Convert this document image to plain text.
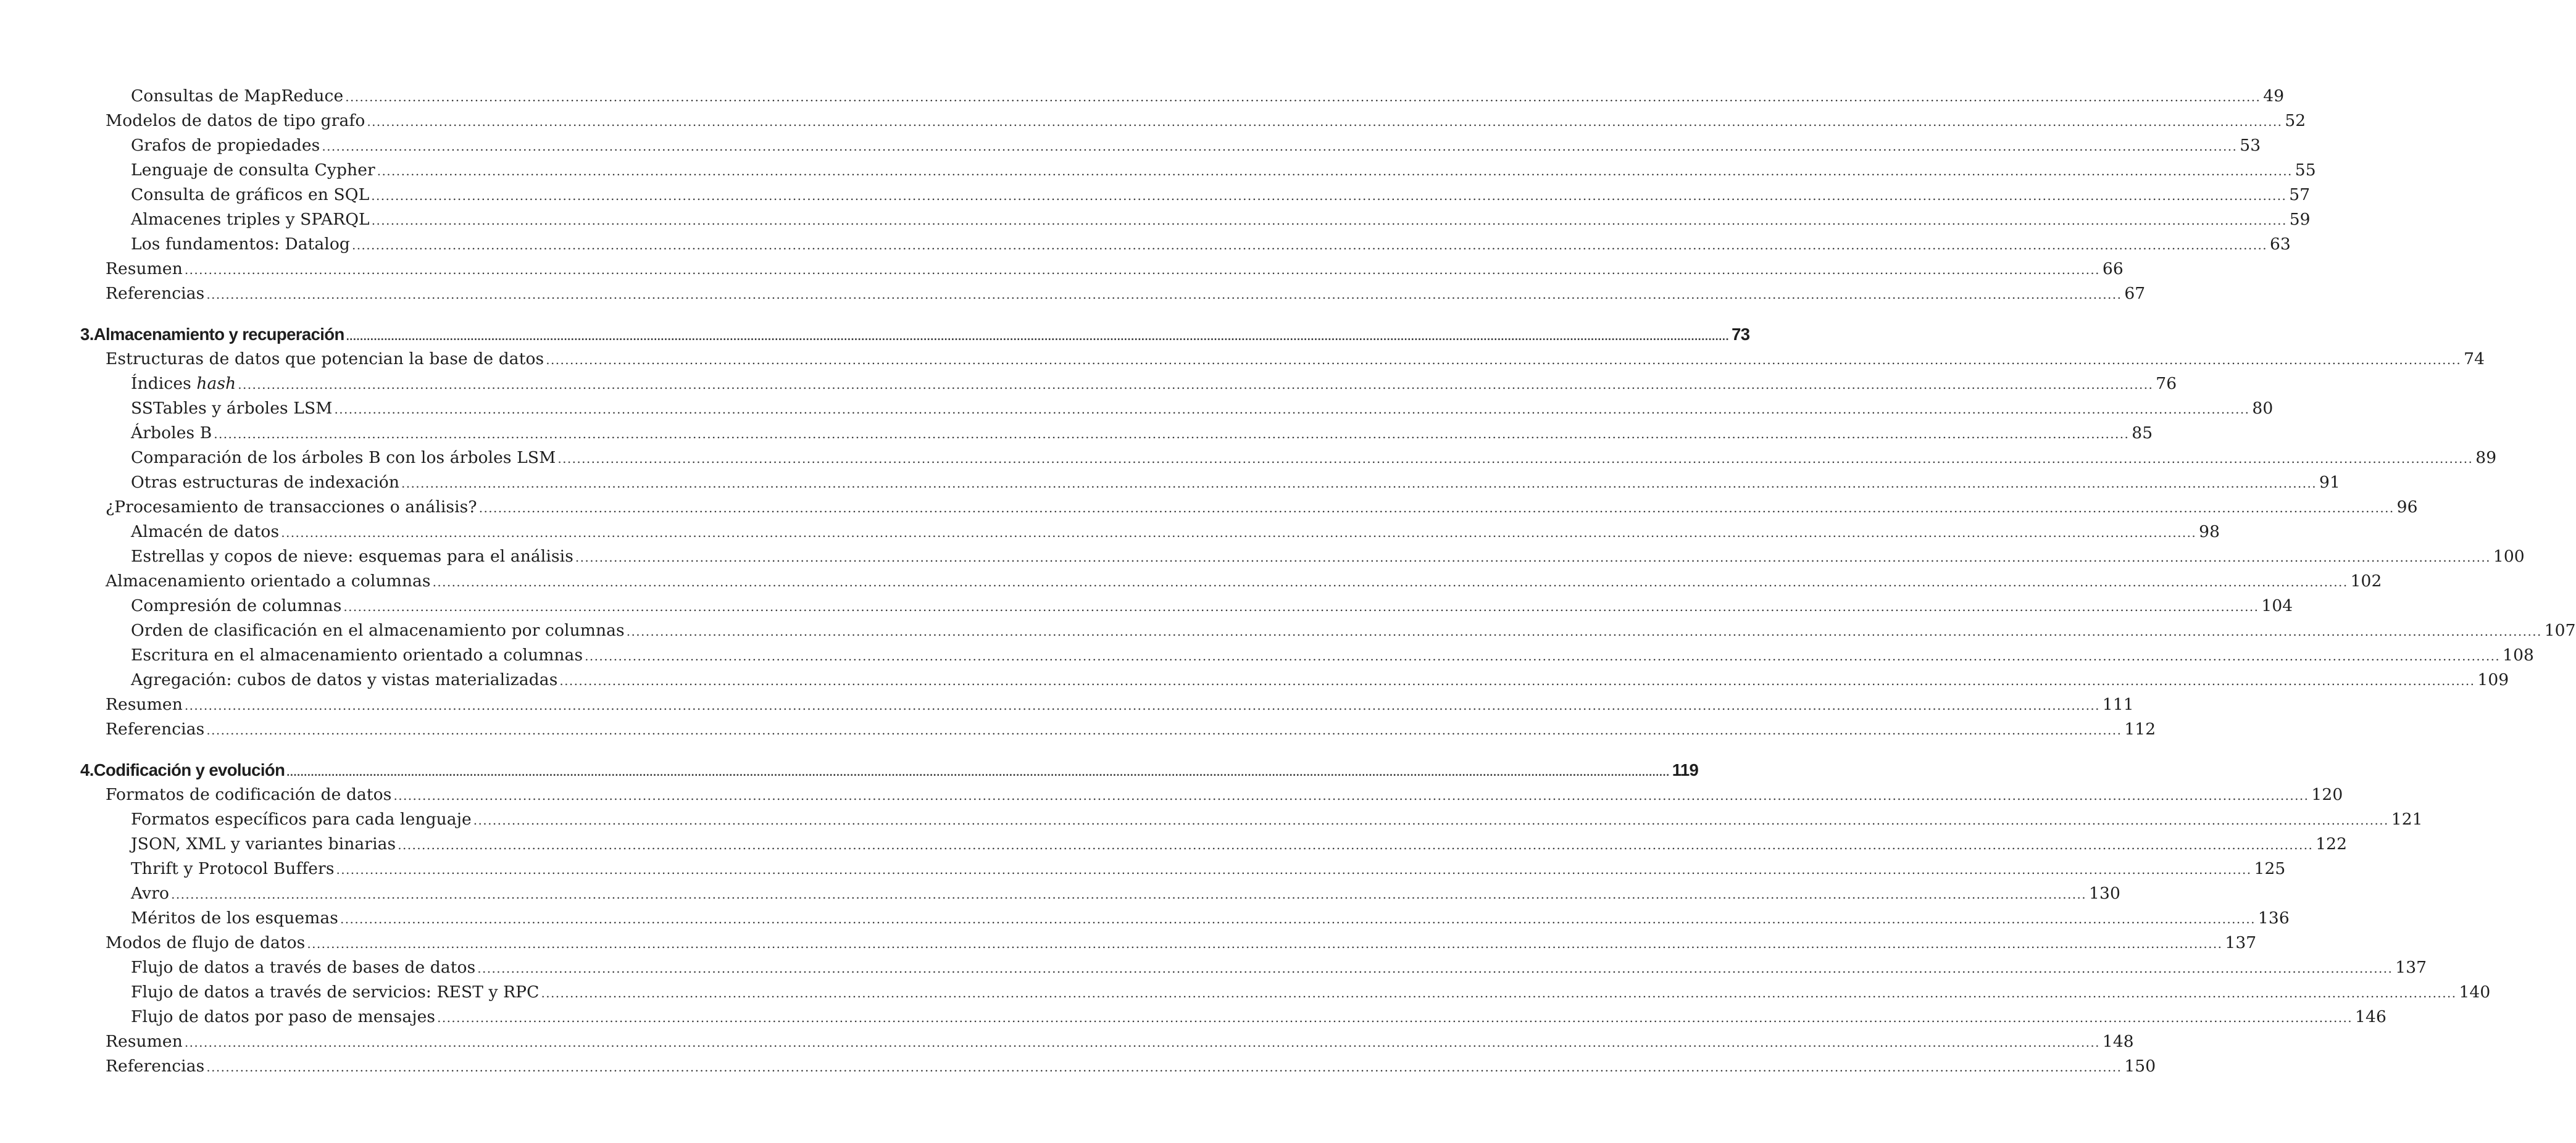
Consultas de MapReduce ................................................................................................................................................................................................................................................................................................................................................................................................................ 49
Modelos de datos de tipo grafo ................................................................................................................................................................................................................................................................................................................................................................................................................ 52
Grafos de propiedades ................................................................................................................................................................................................................................................................................................................................................................................................................ 53
Lenguaje de consulta Cypher ................................................................................................................................................................................................................................................................................................................................................................................................................ 55
Consulta de gráficos en SQL ................................................................................................................................................................................................................................................................................................................................................................................................................ 57
Almacenes triples y SPARQL ................................................................................................................................................................................................................................................................................................................................................................................................................ 59
Los fundamentos: Datalog ................................................................................................................................................................................................................................................................................................................................................................................................................ 63
Resumen ................................................................................................................................................................................................................................................................................................................................................................................................................ 66
Referencias ................................................................................................................................................................................................................................................................................................................................................................................................................ 67
3. Almacenamiento y recuperación ................................................................................................................................................................................................................................................................................................................................................................................................................ 73
Estructuras de datos que potencian la base de datos ................................................................................................................................................................................................................................................................................................................................................................................................................ 74
Índices hash ................................................................................................................................................................................................................................................................................................................................................................................................................ 76
SSTables y árboles LSM ................................................................................................................................................................................................................................................................................................................................................................................................................ 80
Árboles B ................................................................................................................................................................................................................................................................................................................................................................................................................ 85
Comparación de los árboles B con los árboles LSM ................................................................................................................................................................................................................................................................................................................................................................................................................ 89
Otras estructuras de indexación ................................................................................................................................................................................................................................................................................................................................................................................................................ 91
¿Procesamiento de transacciones o análisis? ................................................................................................................................................................................................................................................................................................................................................................................................................ 96
Almacén de datos ................................................................................................................................................................................................................................................................................................................................................................................................................ 98
Estrellas y copos de nieve: esquemas para el análisis ................................................................................................................................................................................................................................................................................................................................................................................................................ 100
Almacenamiento orientado a columnas ................................................................................................................................................................................................................................................................................................................................................................................................................ 102
Compresión de columnas ................................................................................................................................................................................................................................................................................................................................................................................................................ 104
Orden de clasificación en el almacenamiento por columnas ................................................................................................................................................................................................................................................................................................................................................................................................................ 107
Escritura en el almacenamiento orientado a columnas ................................................................................................................................................................................................................................................................................................................................................................................................................ 108
Agregación: cubos de datos y vistas materializadas ................................................................................................................................................................................................................................................................................................................................................................................................................ 109
Resumen ................................................................................................................................................................................................................................................................................................................................................................................................................ 111
Referencias ................................................................................................................................................................................................................................................................................................................................................................................................................ 112
4. Codificación y evolución ................................................................................................................................................................................................................................................................................................................................................................................................................ 119
Formatos de codificación de datos ................................................................................................................................................................................................................................................................................................................................................................................................................ 120
Formatos específicos para cada lenguaje ................................................................................................................................................................................................................................................................................................................................................................................................................ 121
JSON, XML y variantes binarias ................................................................................................................................................................................................................................................................................................................................................................................................................ 122
Thrift y Protocol Buffers ................................................................................................................................................................................................................................................................................................................................................................................................................ 125
Avro ................................................................................................................................................................................................................................................................................................................................................................................................................ 130
Méritos de los esquemas ................................................................................................................................................................................................................................................................................................................................................................................................................ 136
Modos de flujo de datos ................................................................................................................................................................................................................................................................................................................................................................................................................ 137
Flujo de datos a través de bases de datos ................................................................................................................................................................................................................................................................................................................................................................................................................ 137
Flujo de datos a través de servicios: REST y RPC ................................................................................................................................................................................................................................................................................................................................................................................................................ 140
Flujo de datos por paso de mensajes ................................................................................................................................................................................................................................................................................................................................................................................................................ 146
Resumen ................................................................................................................................................................................................................................................................................................................................................................................................................ 148
Referencias ................................................................................................................................................................................................................................................................................................................................................................................................................ 150
